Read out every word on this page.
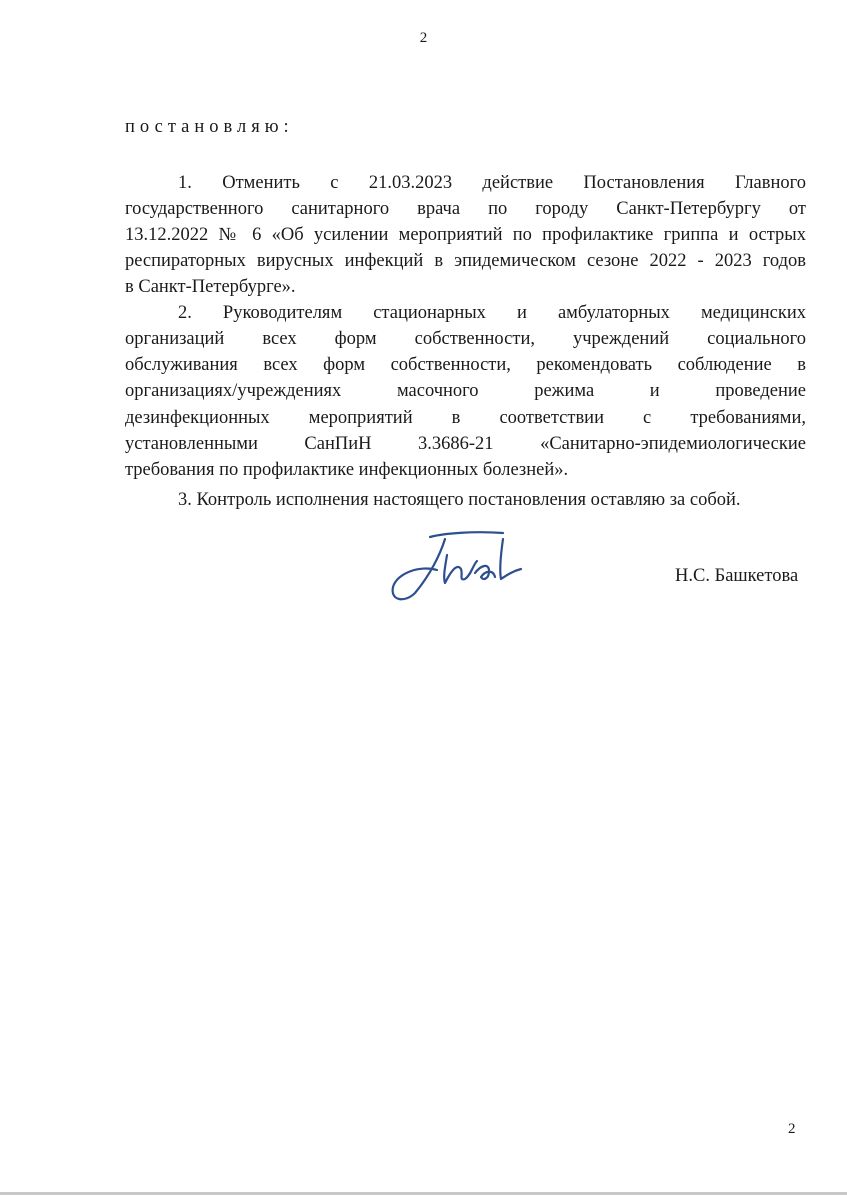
2
постановляю:
1. Отменить с 21.03.2023 действие Постановления Главного
государственного санитарного врача по городу Санкт-Петербургу от
13.12.2022 № 6 «Об усилении мероприятий по профилактике гриппа и острых
респираторных вирусных инфекций в эпидемическом сезоне 2022 - 2023 годов
в Санкт-Петербурге».
2. Руководителям стационарных и амбулаторных медицинских
организаций всех форм собственности, учреждений социального
обслуживания всех форм собственности, рекомендовать соблюдение в
организациях/учреждениях масочного режима и проведение
дезинфекционных мероприятий в соответствии с требованиями,
установленными СанПиН 3.3686-21 «Санитарно-эпидемиологические
требования по профилактике инфекционных болезней».
3. Контроль исполнения настоящего постановления оставляю за собой.
Н.С. Башкетова
2
